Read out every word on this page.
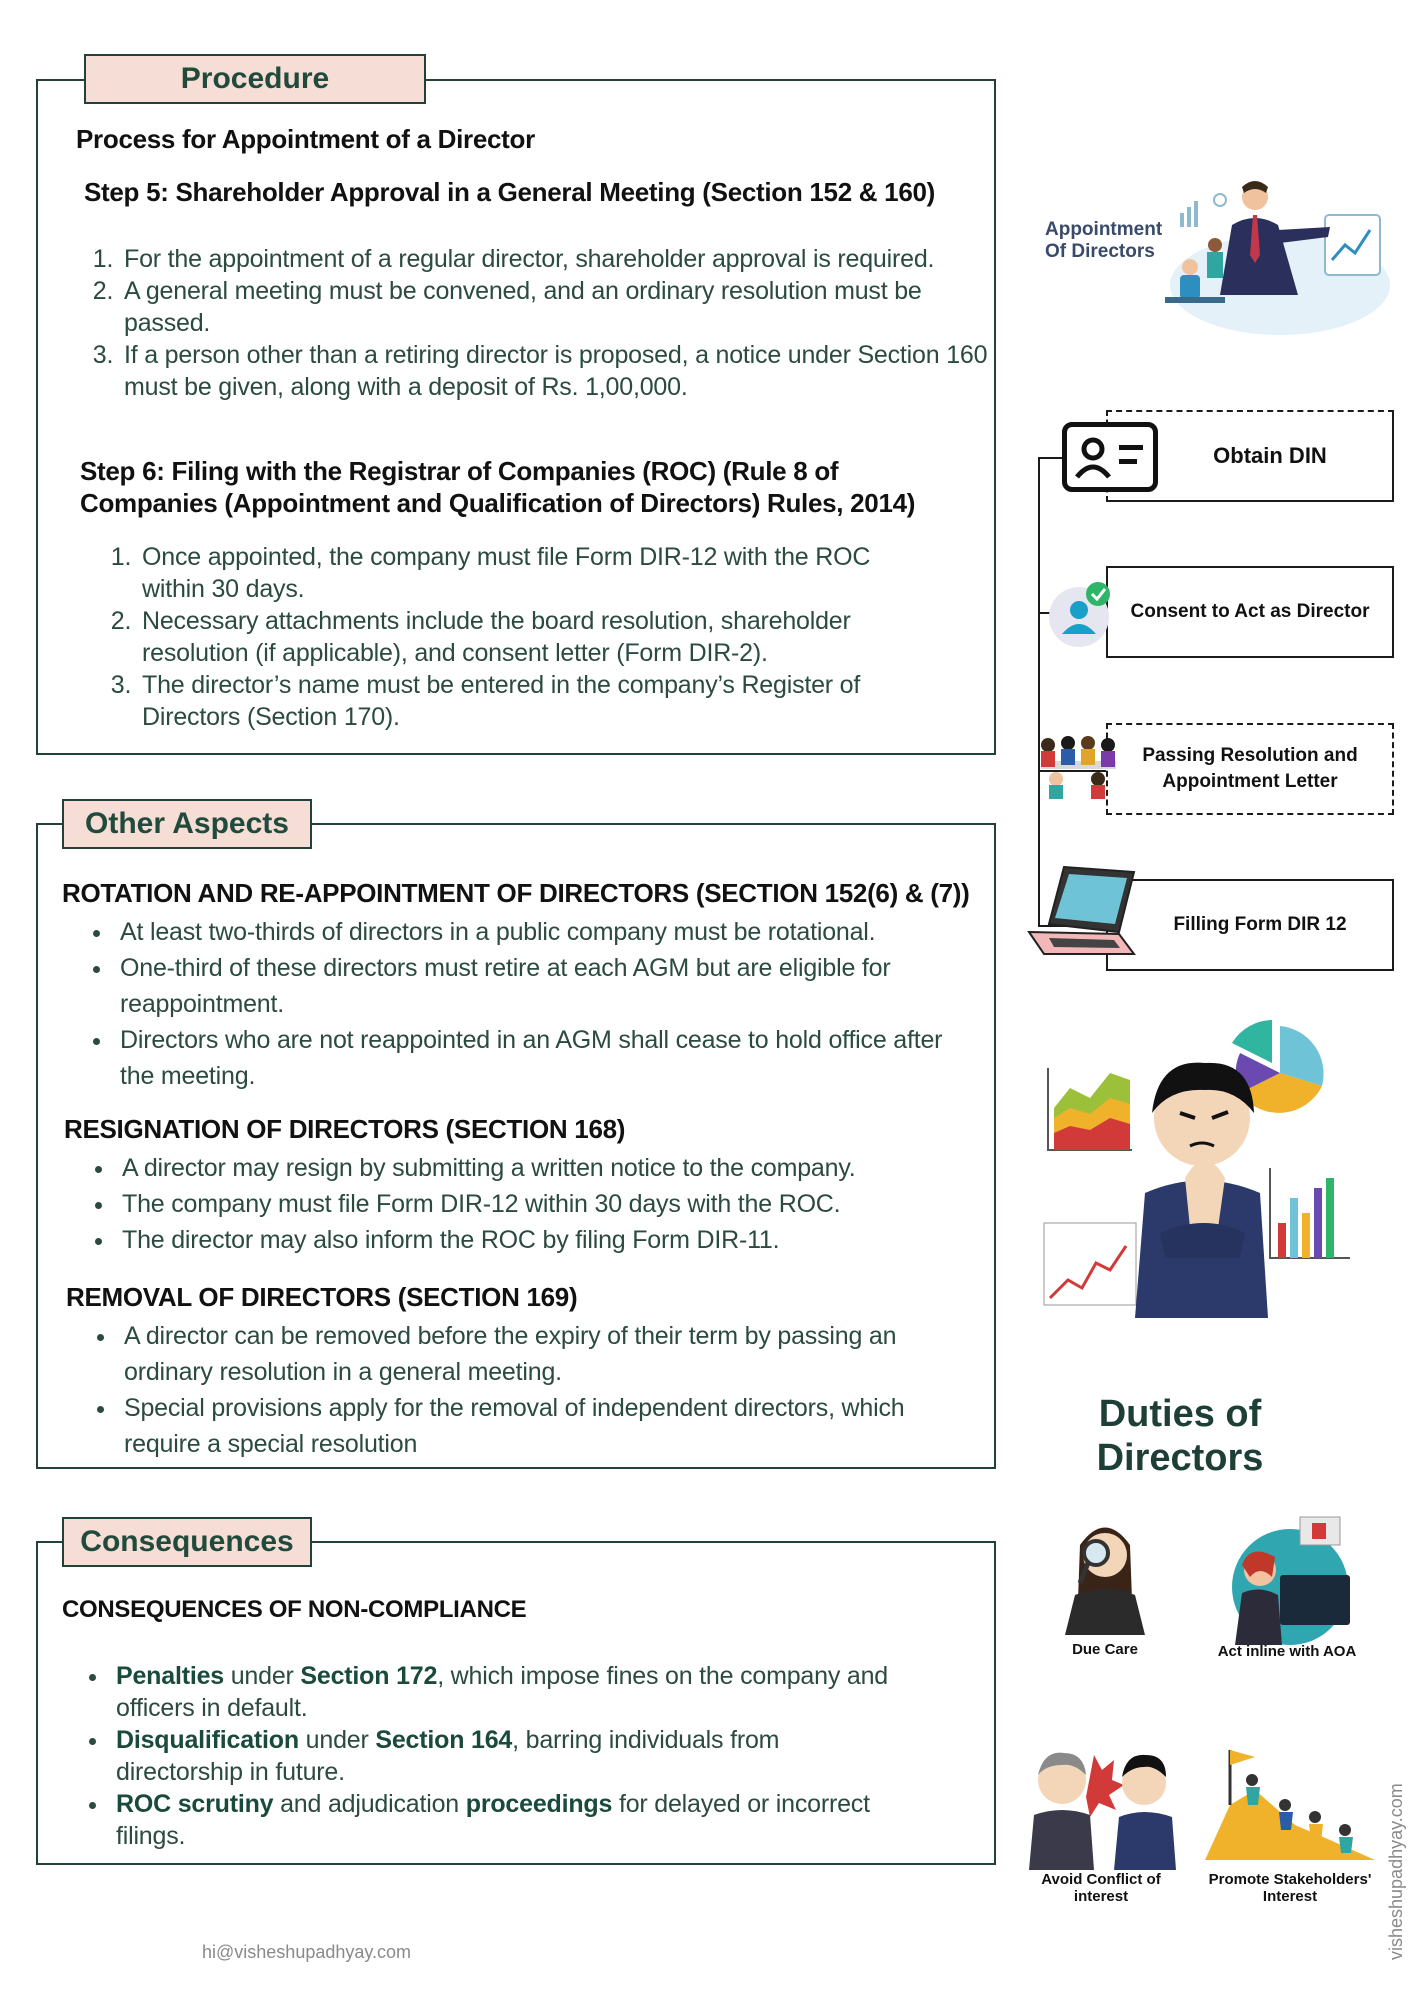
Procedure
Process for Appointment of a Director
Step 5: Shareholder Approval in a General Meeting (Section 152 & 160)
1. For the appointment of a regular director, shareholder approval is required.
2. A general meeting must be convened, and an ordinary resolution must be passed.
3. If a person other than a retiring director is proposed, a notice under Section 160 must be given, along with a deposit of Rs. 1,00,000.
Step 6: Filing with the Registrar of Companies (ROC) (Rule 8 of
Companies (Appointment and Qualification of Directors) Rules, 2014)
1. Once appointed, the company must file Form DIR-12 with the ROC within 30 days.
2. Necessary attachments include the board resolution, shareholder resolution (if applicable), and consent letter (Form DIR-2).
3. The director’s name must be entered in the company’s Register of Directors (Section 170).
Other Aspects
ROTATION AND RE-APPOINTMENT OF DIRECTORS (SECTION 152(6) & (7))
• At least two-thirds of directors in a public company must be rotational.
• One-third of these directors must retire at each AGM but are eligible for reappointment.
• Directors who are not reappointed in an AGM shall cease to hold office after the meeting.
RESIGNATION OF DIRECTORS (SECTION 168)
• A director may resign by submitting a written notice to the company.
• The company must file Form DIR-12 within 30 days with the ROC.
• The director may also inform the ROC by filing Form DIR-11.
REMOVAL OF DIRECTORS (SECTION 169)
• A director can be removed before the expiry of their term by passing an ordinary resolution in a general meeting.
• Special provisions apply for the removal of independent directors, which require a special resolution
Consequences
CONSEQUENCES OF NON-COMPLIANCE
• Penalties under Section 172, which impose fines on the company and officers in default.
• Disqualification under Section 164, barring individuals from directorship in future.
• ROC scrutiny and adjudication proceedings for delayed or incorrect filings.
Appointment
Of Directors
Obtain DIN
Consent to Act as Director
Passing Resolution and Appointment Letter
Filling Form DIR 12
Duties of
Directors
Due Care	Act inline with AOA
Avoid Conflict of interest
Promote Stakeholders' Interest
hi@visheshupadhyay.com	visheshupadhyay.com
